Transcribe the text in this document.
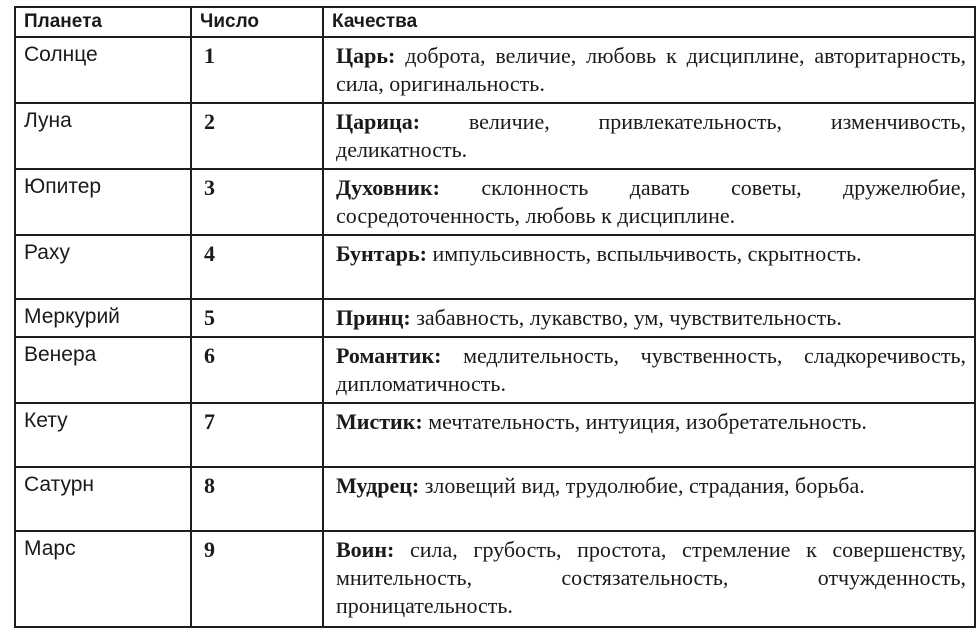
Планета	Число	Качества
Солнце	1	Царь: доброта, величие, любовь к дисциплине, авторитарность, сила, оригинальность.
Луна	2	Царица: величие, привлекательность, изменчивость, деликатность.
Юпитер	3	Духовник: склонность давать советы, дружелюбие, сосредоточенность, любовь к дисциплине.
Раху	4	Бунтарь: импульсивность, вспыльчивость, скрытность.
Меркурий	5	Принц: забавность, лукавство, ум, чувствительность.
Венера	6	Романтик: медлительность, чувственность, сладкоречивость, дипломатичность.
Кету	7	Мистик: мечтательность, интуиция, изобретательность.
Сатурн	8	Мудрец: зловещий вид, трудолюбие, страдания, борьба.
Марс	9	Воин: сила, грубость, простота, стремление к совершенству, мнительность, состязательность, отчужденность, проницательность.
